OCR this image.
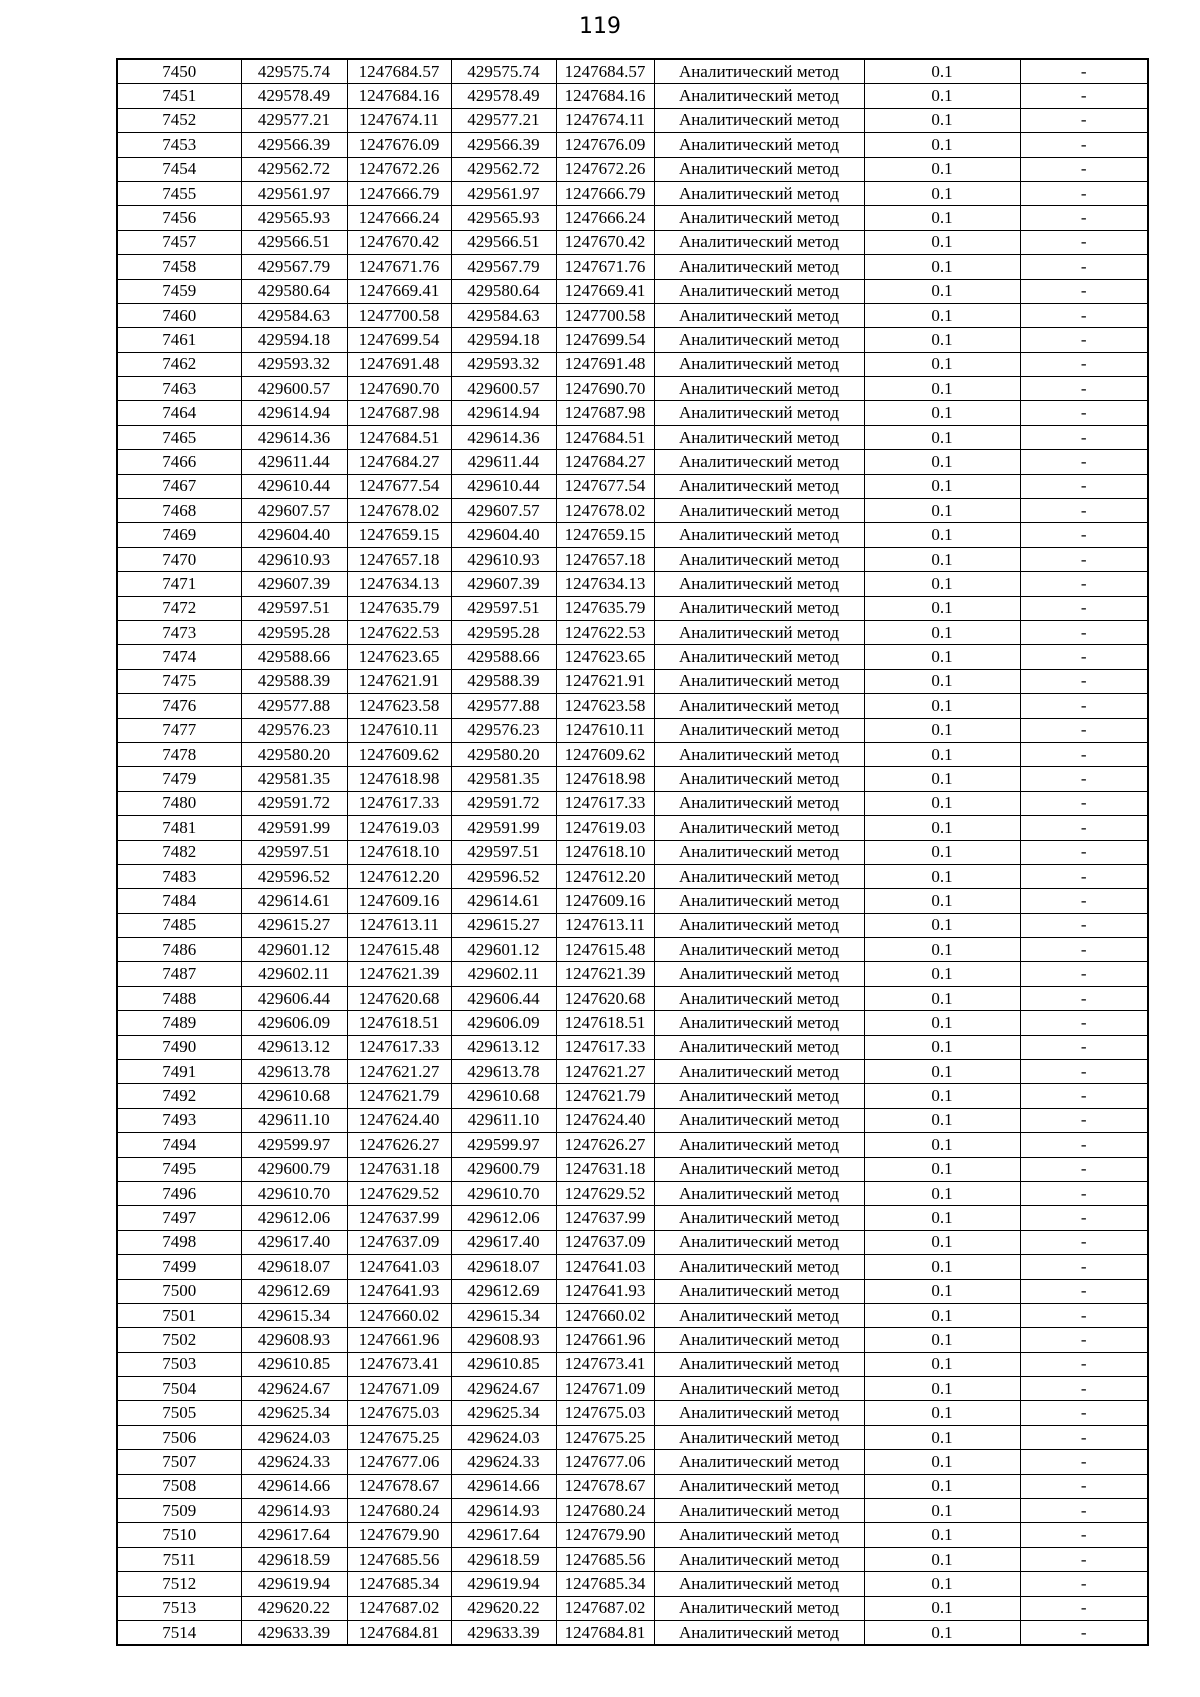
119
7450	429575.74	1247684.57	429575.74	1247684.57	Аналитический метод	0.1	-
7451	429578.49	1247684.16	429578.49	1247684.16	Аналитический метод	0.1	-
7452	429577.21	1247674.11	429577.21	1247674.11	Аналитический метод	0.1	-
7453	429566.39	1247676.09	429566.39	1247676.09	Аналитический метод	0.1	-
7454	429562.72	1247672.26	429562.72	1247672.26	Аналитический метод	0.1	-
7455	429561.97	1247666.79	429561.97	1247666.79	Аналитический метод	0.1	-
7456	429565.93	1247666.24	429565.93	1247666.24	Аналитический метод	0.1	-
7457	429566.51	1247670.42	429566.51	1247670.42	Аналитический метод	0.1	-
7458	429567.79	1247671.76	429567.79	1247671.76	Аналитический метод	0.1	-
7459	429580.64	1247669.41	429580.64	1247669.41	Аналитический метод	0.1	-
7460	429584.63	1247700.58	429584.63	1247700.58	Аналитический метод	0.1	-
7461	429594.18	1247699.54	429594.18	1247699.54	Аналитический метод	0.1	-
7462	429593.32	1247691.48	429593.32	1247691.48	Аналитический метод	0.1	-
7463	429600.57	1247690.70	429600.57	1247690.70	Аналитический метод	0.1	-
7464	429614.94	1247687.98	429614.94	1247687.98	Аналитический метод	0.1	-
7465	429614.36	1247684.51	429614.36	1247684.51	Аналитический метод	0.1	-
7466	429611.44	1247684.27	429611.44	1247684.27	Аналитический метод	0.1	-
7467	429610.44	1247677.54	429610.44	1247677.54	Аналитический метод	0.1	-
7468	429607.57	1247678.02	429607.57	1247678.02	Аналитический метод	0.1	-
7469	429604.40	1247659.15	429604.40	1247659.15	Аналитический метод	0.1	-
7470	429610.93	1247657.18	429610.93	1247657.18	Аналитический метод	0.1	-
7471	429607.39	1247634.13	429607.39	1247634.13	Аналитический метод	0.1	-
7472	429597.51	1247635.79	429597.51	1247635.79	Аналитический метод	0.1	-
7473	429595.28	1247622.53	429595.28	1247622.53	Аналитический метод	0.1	-
7474	429588.66	1247623.65	429588.66	1247623.65	Аналитический метод	0.1	-
7475	429588.39	1247621.91	429588.39	1247621.91	Аналитический метод	0.1	-
7476	429577.88	1247623.58	429577.88	1247623.58	Аналитический метод	0.1	-
7477	429576.23	1247610.11	429576.23	1247610.11	Аналитический метод	0.1	-
7478	429580.20	1247609.62	429580.20	1247609.62	Аналитический метод	0.1	-
7479	429581.35	1247618.98	429581.35	1247618.98	Аналитический метод	0.1	-
7480	429591.72	1247617.33	429591.72	1247617.33	Аналитический метод	0.1	-
7481	429591.99	1247619.03	429591.99	1247619.03	Аналитический метод	0.1	-
7482	429597.51	1247618.10	429597.51	1247618.10	Аналитический метод	0.1	-
7483	429596.52	1247612.20	429596.52	1247612.20	Аналитический метод	0.1	-
7484	429614.61	1247609.16	429614.61	1247609.16	Аналитический метод	0.1	-
7485	429615.27	1247613.11	429615.27	1247613.11	Аналитический метод	0.1	-
7486	429601.12	1247615.48	429601.12	1247615.48	Аналитический метод	0.1	-
7487	429602.11	1247621.39	429602.11	1247621.39	Аналитический метод	0.1	-
7488	429606.44	1247620.68	429606.44	1247620.68	Аналитический метод	0.1	-
7489	429606.09	1247618.51	429606.09	1247618.51	Аналитический метод	0.1	-
7490	429613.12	1247617.33	429613.12	1247617.33	Аналитический метод	0.1	-
7491	429613.78	1247621.27	429613.78	1247621.27	Аналитический метод	0.1	-
7492	429610.68	1247621.79	429610.68	1247621.79	Аналитический метод	0.1	-
7493	429611.10	1247624.40	429611.10	1247624.40	Аналитический метод	0.1	-
7494	429599.97	1247626.27	429599.97	1247626.27	Аналитический метод	0.1	-
7495	429600.79	1247631.18	429600.79	1247631.18	Аналитический метод	0.1	-
7496	429610.70	1247629.52	429610.70	1247629.52	Аналитический метод	0.1	-
7497	429612.06	1247637.99	429612.06	1247637.99	Аналитический метод	0.1	-
7498	429617.40	1247637.09	429617.40	1247637.09	Аналитический метод	0.1	-
7499	429618.07	1247641.03	429618.07	1247641.03	Аналитический метод	0.1	-
7500	429612.69	1247641.93	429612.69	1247641.93	Аналитический метод	0.1	-
7501	429615.34	1247660.02	429615.34	1247660.02	Аналитический метод	0.1	-
7502	429608.93	1247661.96	429608.93	1247661.96	Аналитический метод	0.1	-
7503	429610.85	1247673.41	429610.85	1247673.41	Аналитический метод	0.1	-
7504	429624.67	1247671.09	429624.67	1247671.09	Аналитический метод	0.1	-
7505	429625.34	1247675.03	429625.34	1247675.03	Аналитический метод	0.1	-
7506	429624.03	1247675.25	429624.03	1247675.25	Аналитический метод	0.1	-
7507	429624.33	1247677.06	429624.33	1247677.06	Аналитический метод	0.1	-
7508	429614.66	1247678.67	429614.66	1247678.67	Аналитический метод	0.1	-
7509	429614.93	1247680.24	429614.93	1247680.24	Аналитический метод	0.1	-
7510	429617.64	1247679.90	429617.64	1247679.90	Аналитический метод	0.1	-
7511	429618.59	1247685.56	429618.59	1247685.56	Аналитический метод	0.1	-
7512	429619.94	1247685.34	429619.94	1247685.34	Аналитический метод	0.1	-
7513	429620.22	1247687.02	429620.22	1247687.02	Аналитический метод	0.1	-
7514	429633.39	1247684.81	429633.39	1247684.81	Аналитический метод	0.1	-
